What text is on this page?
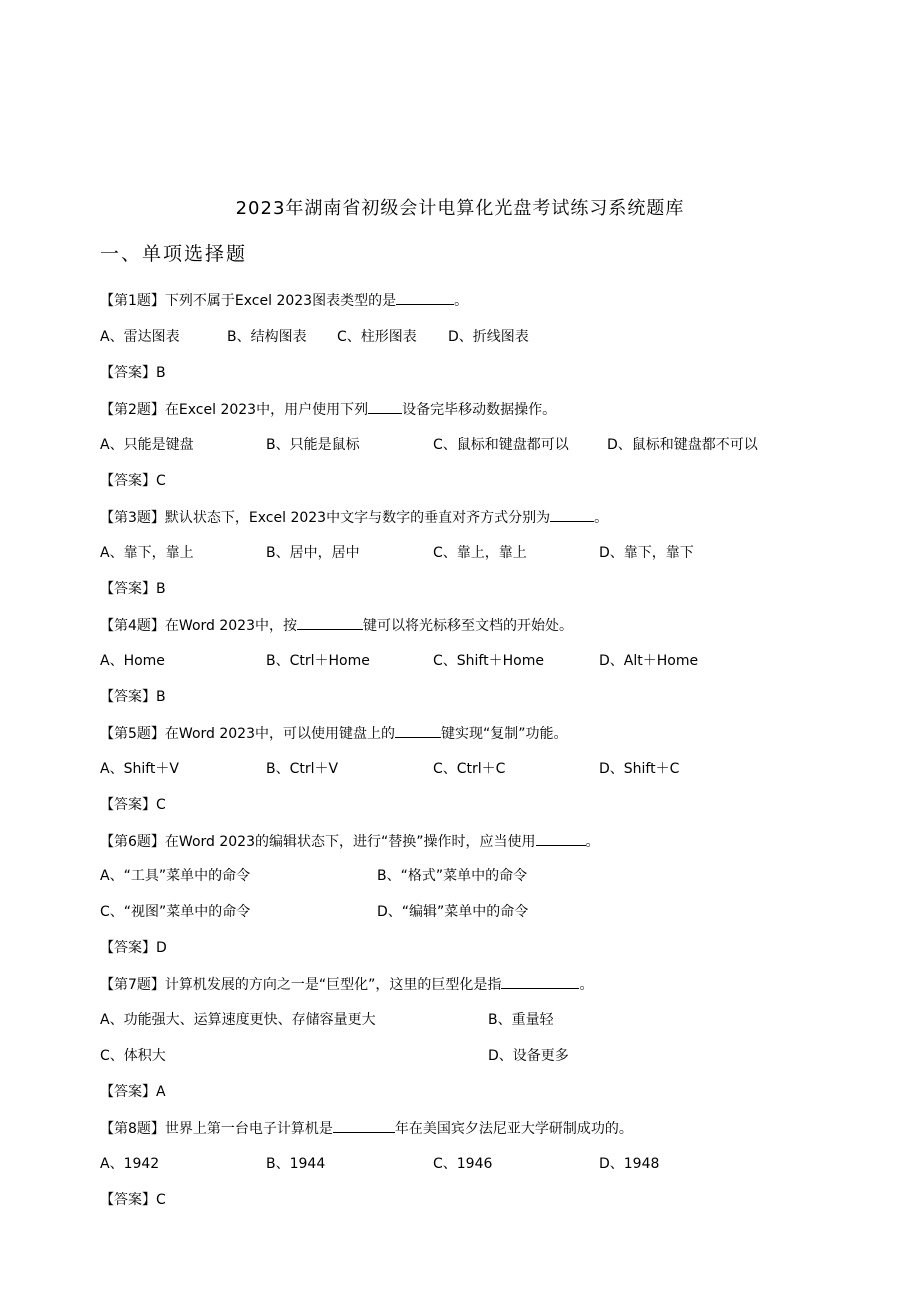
2023年湖南省初级会计电算化光盘考试练习系统题库
一、单项选择题
【第1题】下列不属于Excel 2023图表类型的是	。
A、雷达图表	B、结构图表 C、柱形图表 D、折线图表
【答案】B
【第2题】在Excel 2023中，用户使用下列 设备完毕移动数据操作。
A、只能是键盘	B、只能是鼠标	C、鼠标和键盘都可以	D、鼠标和键盘都不可以
【答案】C
【第3题】默认状态下，Excel 2023中文字与数字的垂直对齐方式分别为	。
A、靠下，靠上	B、居中，居中	C、靠上，靠上	D、靠下，靠下
【答案】B
【第4题】在Word 2023中，按	键可以将光标移至文档的开始处。
A、Home	B、Ctrl＋Home	C、Shift＋Home	D、Alt＋Home
【答案】B
【第5题】在Word 2023中，可以使用键盘上的	键实现“复制”功能。
A、Shift＋V	B、Ctrl＋V	C、Ctrl＋C	D、Shift＋C
【答案】C
【第6题】在Word 2023的编辑状态下，进行“替换”操作时，应当使用	。
A、“工具”菜单中的命令	B、“格式”菜单中的命令
C、“视图”菜单中的命令	D、“编辑”菜单中的命令
【答案】D
【第7题】计算机发展的方向之一是“巨型化”，这里的巨型化是指	。
A、功能强大、运算速度更快、存储容量更大	B、重量轻
C、体积大	D、设备更多
【答案】A
【第8题】世界上第一台电子计算机是	年在美国宾夕法尼亚大学研制成功的。
A、1942	B、1944	C、1946	D、1948
【答案】C
